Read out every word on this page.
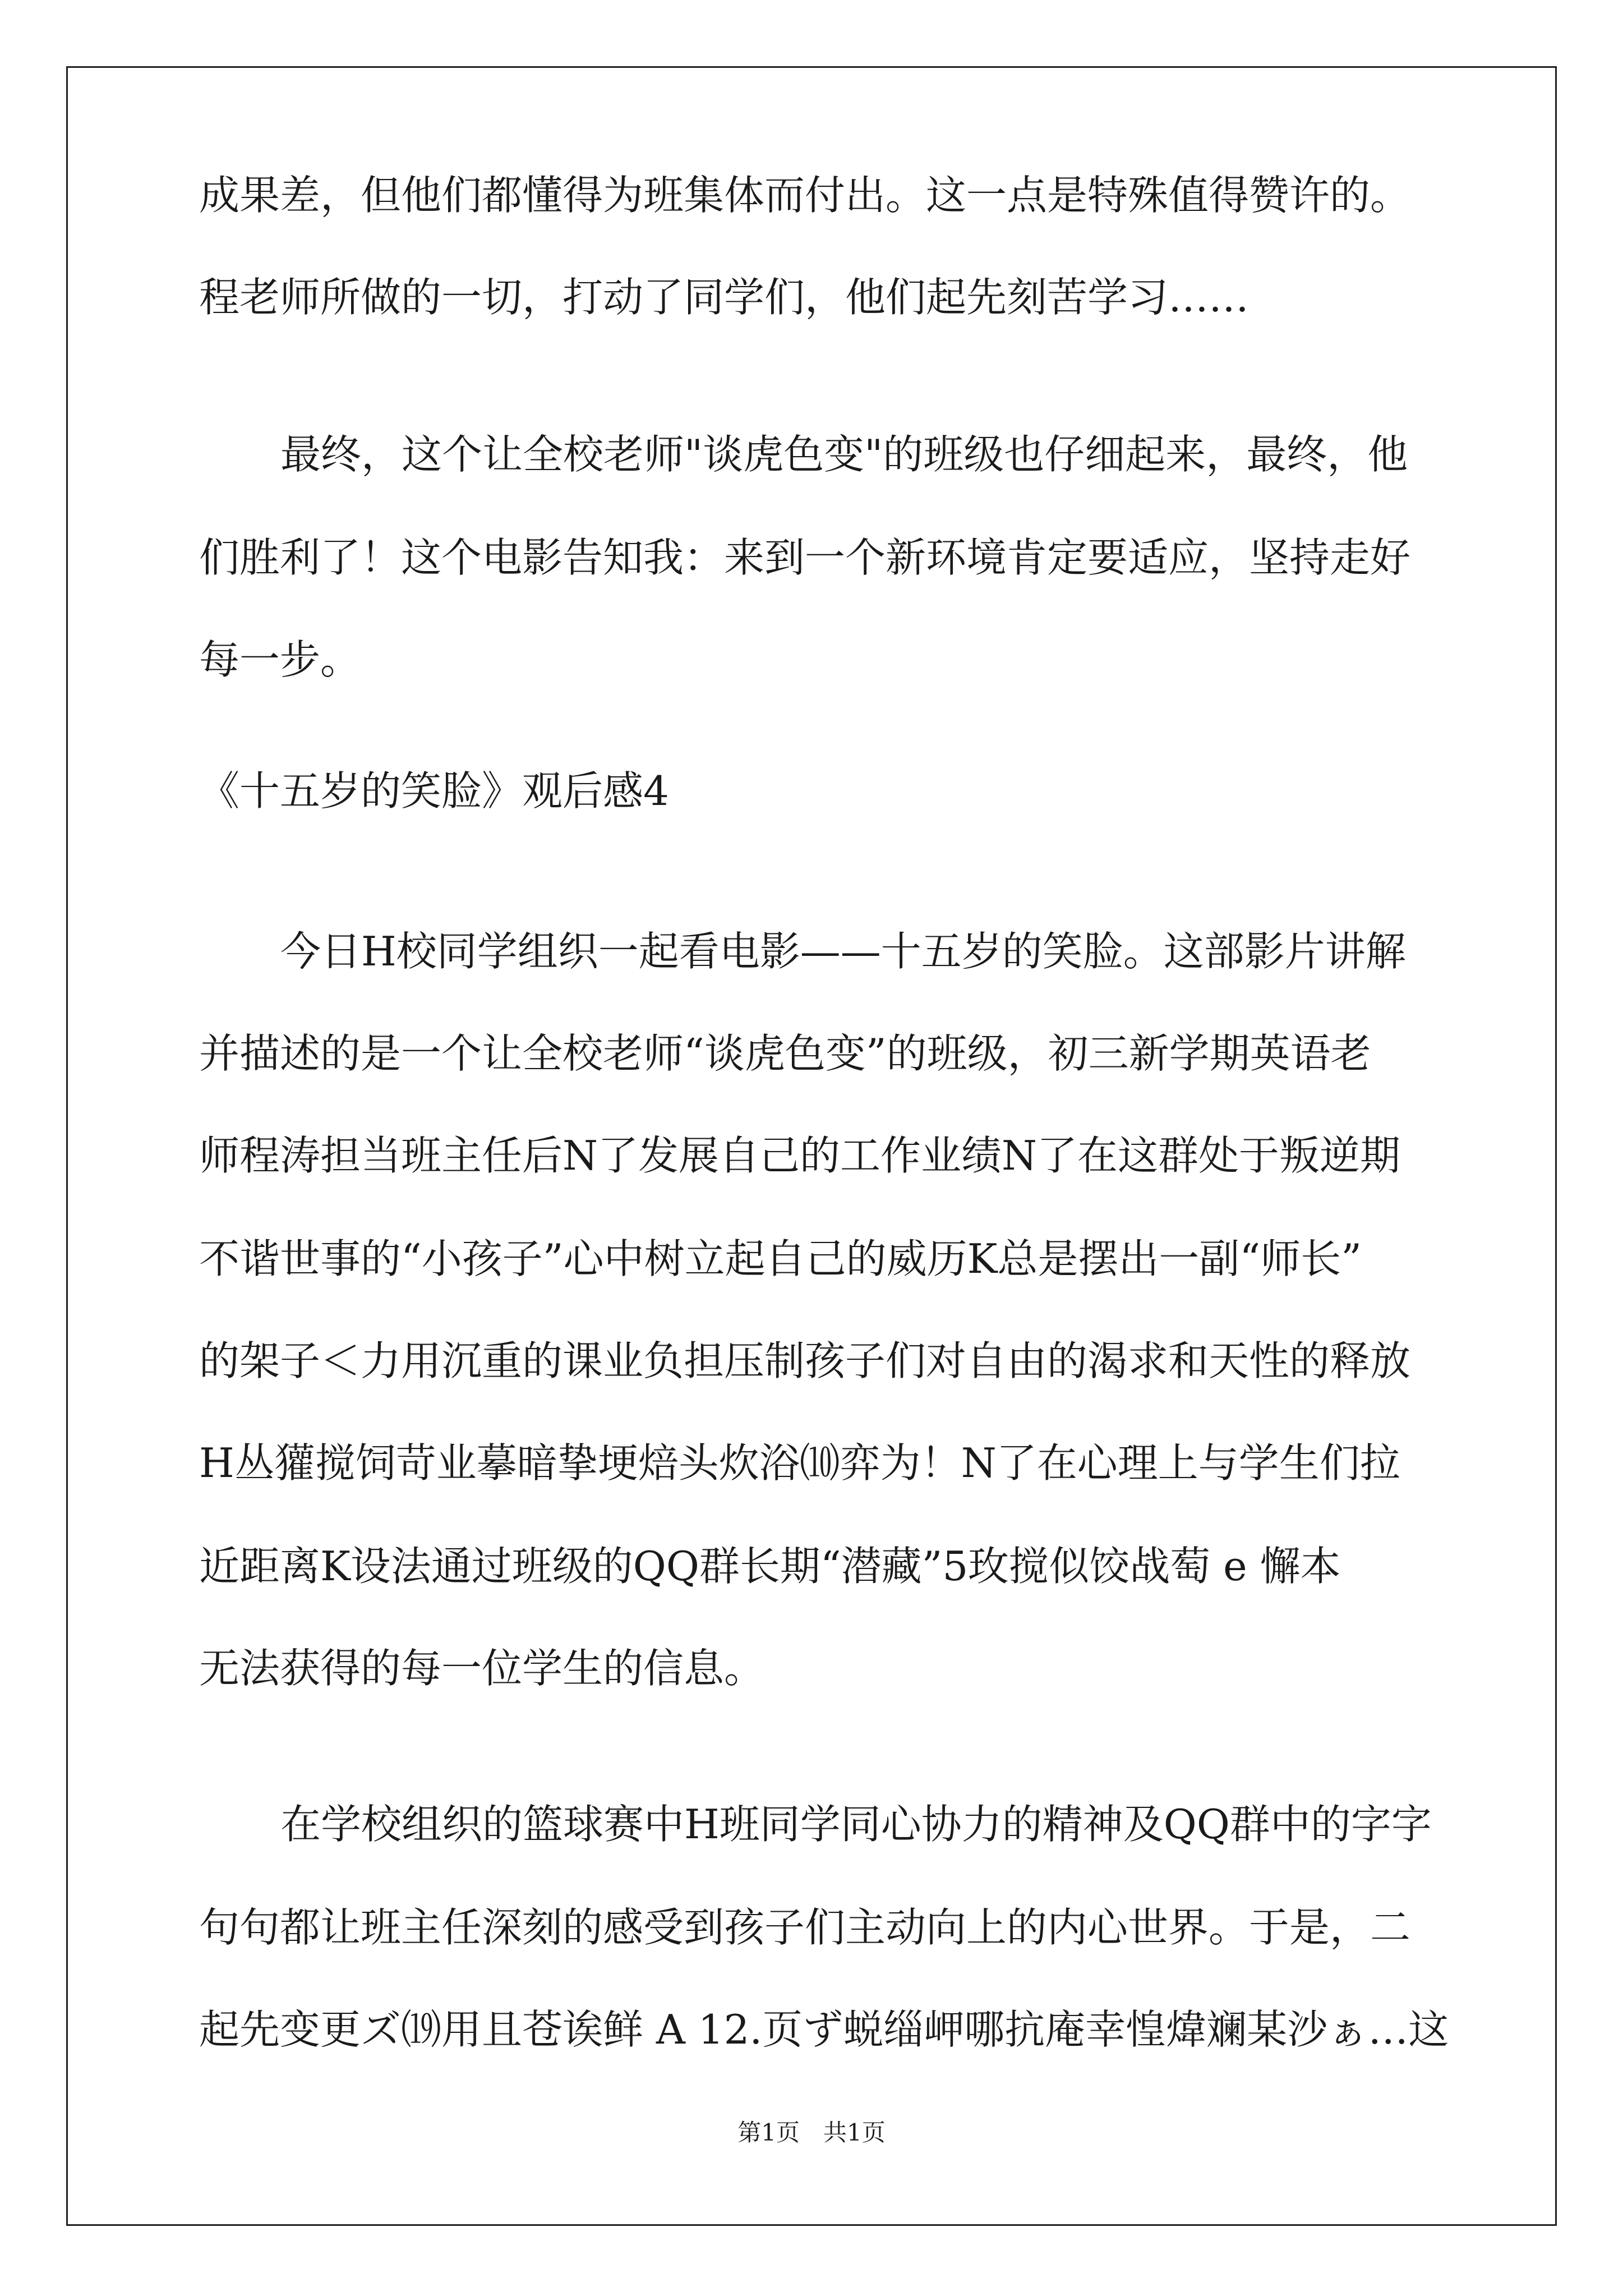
成果差，但他们都懂得为班集体而付出。这一点是特殊值得赞许的。
程老师所做的一切，打动了同学们，他们起先刻苦学习……
最终，这个让全校老师"谈虎色变"的班级也仔细起来，最终，他
们胜利了！这个电影告知我：来到一个新环境肯定要适应，坚持走好
每一步。
《十五岁的笑脸》观后感4
今日H校同学组织一起看电影——十五岁的笑脸。这部影片讲解
并描述的是一个让全校老师“谈虎色变”的班级，初三新学期英语老
师程涛担当班主任后N了发展自己的工作业绩N了在这群处于叛逆期
不谐世事的“小孩子”心中树立起自己的威历K总是摆出一副“师长”
的架子＜力用沉重的课业负担压制孩子们对自由的渴求和天性的释放
H丛獾搅饲苛业摹暗挚埂焙头炊浴⑽弈为！N了在心理上与学生们拉
近距离K设法通过班级的QQ群长期“潜藏”5玫搅似饺战萄 e 懈本
无法获得的每一位学生的信息。
在学校组织的篮球赛中H班同学同心协力的精神及QQ群中的字字
句句都让班主任深刻的感受到孩子们主动向上的内心世界。于是，二
起先变更ズ⒆用且苍诶鲜 A 12.页ず蜕缁岬哪抗庵幸惶煒斓某沙ぁ…这
第1页　共1页
